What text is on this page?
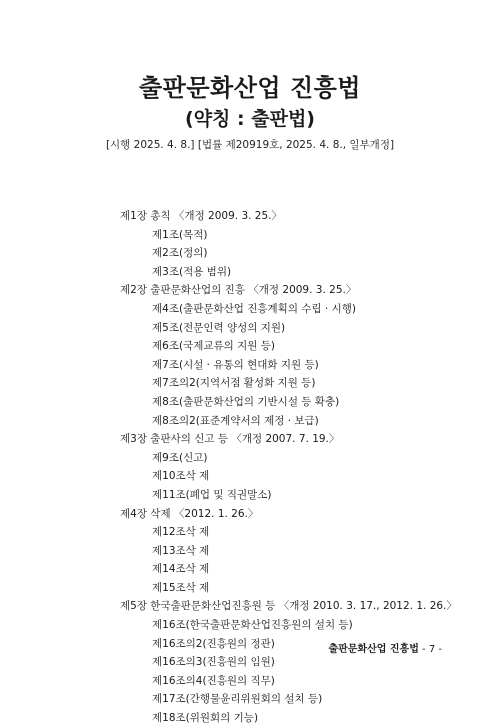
출판문화산업 진흥법
(약칭 : 출판법)
[시행 2025. 4. 8.] [법률 제20919호, 2025. 4. 8., 일부개정]
제1장 총칙 〈개정 2009. 3. 25.〉
제1조(목적)
제2조(정의)
제3조(적용 범위)
제2장 출판문화산업의 진흥 〈개정 2009. 3. 25.〉
제4조(출판문화산업 진흥계획의 수립 · 시행)
제5조(전문인력 양성의 지원)
제6조(국제교류의 지원 등)
제7조(시설 · 유통의 현대화 지원 등)
제7조의2(지역서점 활성화 지원 등)
제8조(출판문화산업의 기반시설 등 확충)
제8조의2(표준계약서의 제정 · 보급)
제3장 출판사의 신고 등 〈개정 2007. 7. 19.〉
제9조(신고)
제10조삭 제
제11조(폐업 및 직권말소)
제4장 삭제 〈2012. 1. 26.〉
제12조삭 제
제13조삭 제
제14조삭 제
제15조삭 제
제5장 한국출판문화산업진흥원 등 〈개정 2010. 3. 17., 2012. 1. 26.〉
제16조(한국출판문화산업진흥원의 설치 등)
제16조의2(진흥원의 정관)
제16조의3(진흥원의 임원)
제16조의4(진흥원의 직무)
제17조(간행물윤리위원회의 설치 등)
제18조(위원회의 기능)
출판문화산업 진흥법 - 7 -
